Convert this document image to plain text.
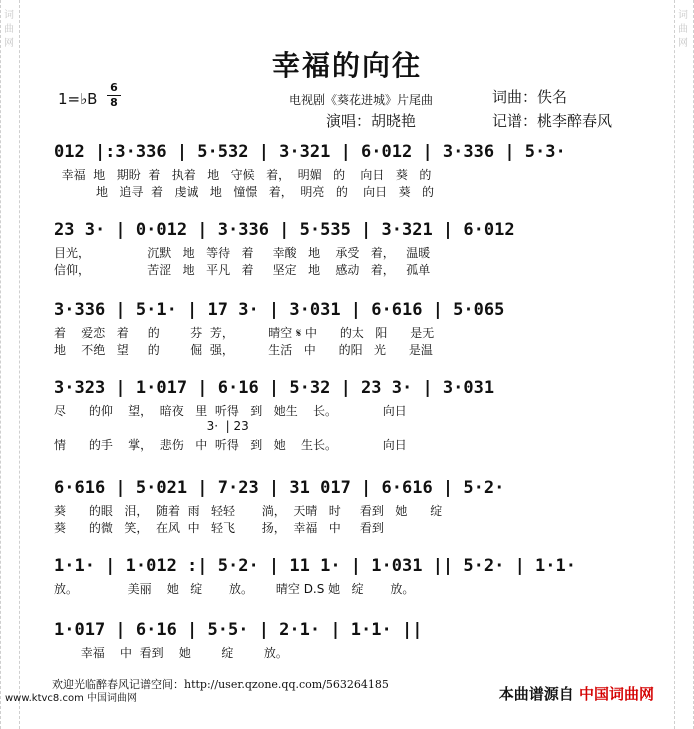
词
曲
网
词
曲
网
幸福的向往
1=♭B
6
8	电视剧《葵花进城》片尾曲	词曲：佚名
演唱：胡晓艳	记谱：桃李醉春风
012 |:3·336 | 5·532 | 3·321 | 6·012 | 3·336 | 5·3·
幸福  地   期盼  着   执着   地   守候   着，  明媚   的    向日   葵   的
地   追寻  着   虔诚   地   憧憬   着，  明亮   的    向日   葵   的
23 3· | 0·012 | 3·336 | 5·535 | 3·321 | 6·012
目光，               沉默   地   等待   着     幸酸   地    承受   着，   温暖
信仰，               苦涩   地   平凡   着     坚定   地    感动   着，   孤单
3·336 | 5·1· | 17 3· | 3·031 | 6·616 | 5·065
着    爱恋   着     的        芬  芳，         晴空 𝄋 中      的太   阳      是无
地    不绝   望     的        倔  强，         生活   中      的阳   光      是温
3·323 | 1·017 | 6·16 | 5·32 | 23 3· | 3·031
尽      的仰    望，  暗夜   里  听得   到   她生    长。            向日
3·  | 23
情      的手    掌，  悲伤   中  听得   到   她    生长。            向日
6·616 | 5·021 | 7·23 | 31 017 | 6·616 | 5·2·
葵      的眼   泪，  随着  雨   轻轻       淌，  天晴   时     看到   她      绽
葵      的微   笑，  在风  中   轻飞       扬，  幸福   中     看到
1·1· | 1·012 :| 5·2· | 11 1· | 1·031 || 5·2· | 1·1·
放。             美丽    她   绽       放。      晴空 D.S 她   绽       放。
1·017 | 6·16 | 5·5· | 2·1· | 1·1· ||
幸福    中  看到    她        绽        放。
欢迎光临醉春风记谱空间：http://user.qzone.qq.com/563264185
www.ktvc8.com 中国词曲网	本曲谱源自 中国词曲网
